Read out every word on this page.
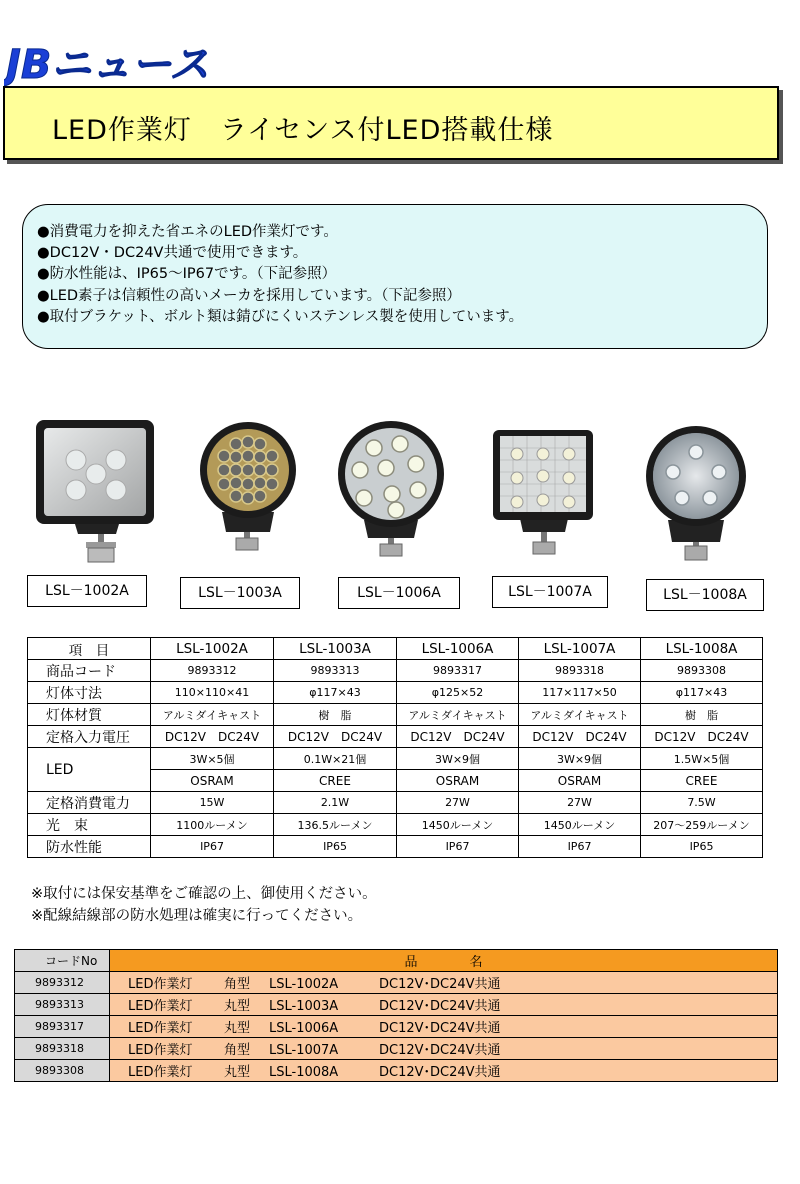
JBニュース
LED作業灯　ライセンス付LED搭載仕様
●消費電力を抑えた省エネのLED作業灯です。
●DC12V・DC24V共通で使用できます。
●防水性能は、IP65～IP67です。（下記参照）
●LED素子は信頼性の高いメーカを採用しています。（下記参照）
●取付ブラケット、ボルト類は錆びにくいステンレス製を使用しています。
LSL－1002A	LSL－1003A	LSL－1006A	LSL－1007A	LSL－1008A
項　目	LSL-1002A	LSL-1003A	LSL-1006A	LSL-1007A	LSL-1008A
商品コード	9893312	9893313	9893317	9893318	9893308
灯体寸法	110×110×41	φ117×43	φ125×52	117×117×50	φ117×43
灯体材質	アルミダイキャスト	樹　脂	アルミダイキャスト	アルミダイキャスト	樹　脂
定格入力電圧	DC12V　DC24V	DC12V　DC24V	DC12V　DC24V	DC12V　DC24V	DC12V　DC24V
LED	3W×5個	0.1W×21個	3W×9個	3W×9個	1.5W×5個
	OSRAM	CREE	OSRAM	OSRAM	CREE
定格消費電力	15W	2.1W	27W	27W	7.5W
光　束	1100ルーメン	136.5ルーメン	1450ルーメン	1450ルーメン	207～259ルーメン
防水性能	IP67	IP65	IP67	IP67	IP65
※取付には保安基準をご確認の上、御使用ください。
※配線結線部の防水処理は確実に行ってください。
コードNo	品　　　　名
9893312	LED作業灯 角型 LSL-1002A DC12V･DC24V共通
9893313	LED作業灯 丸型 LSL-1003A DC12V･DC24V共通
9893317	LED作業灯 丸型 LSL-1006A DC12V･DC24V共通
9893318	LED作業灯 角型 LSL-1007A DC12V･DC24V共通
9893308	LED作業灯 丸型 LSL-1008A DC12V･DC24V共通
